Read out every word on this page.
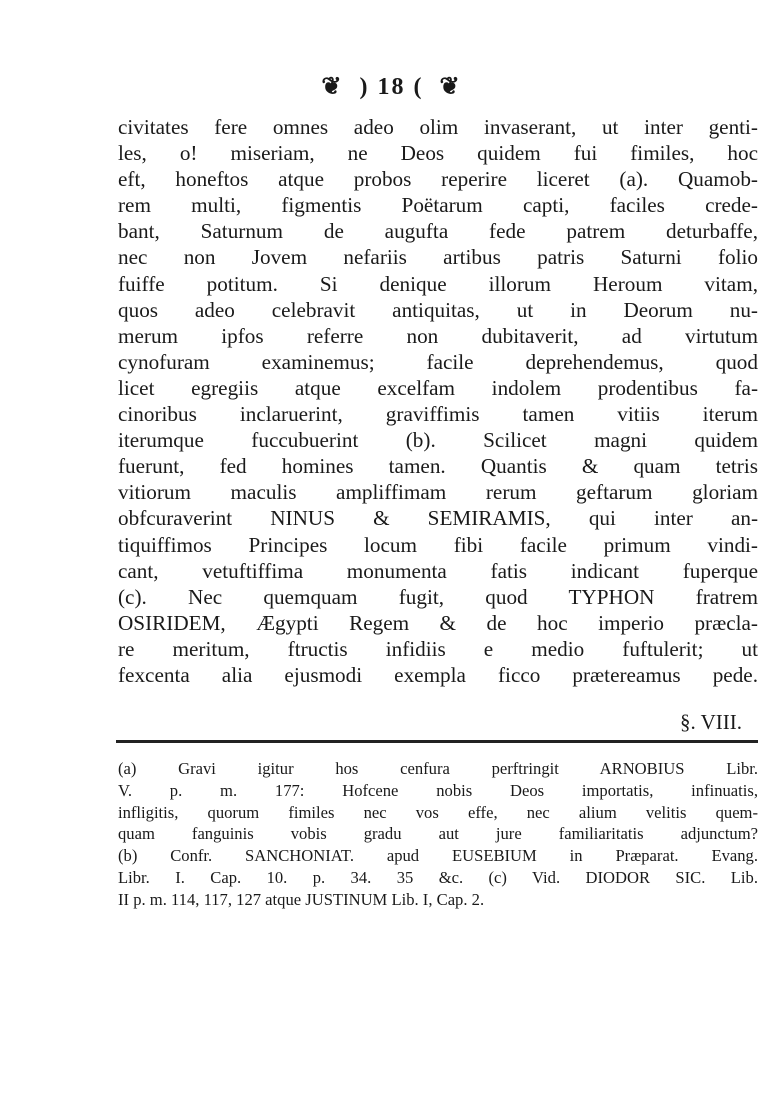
❦ ) 18 ( ❦
civitates fere omnes adeo olim invaserant, ut inter genti-
les, o! miseriam, ne Deos quidem fui fimiles, hoc
eft, honeftos atque probos reperire liceret (a). Quamob-
rem multi, figmentis Poëtarum capti, faciles crede-
bant, Saturnum de augufta fede patrem deturbaffe,
nec non Jovem nefariis artibus patris Saturni folio
fuiffe potitum. Si denique illorum Heroum vitam,
quos adeo celebravit antiquitas, ut in Deorum nu-
merum ipfos referre non dubitaverit, ad virtutum
cynofuram examinemus; facile deprehendemus, quod
licet egregiis atque excelfam indolem prodentibus fa-
cinoribus inclaruerint, graviffimis tamen vitiis iterum
iterumque fuccubuerint (b). Scilicet magni quidem
fuerunt, fed homines tamen. Quantis & quam tetris
vitiorum maculis ampliffimam rerum geftarum gloriam
obfcuraverint NINUS & SEMIRAMIS, qui inter an-
tiquiffimos Principes locum fibi facile primum vindi-
cant, vetuftiffima monumenta fatis indicant fuperque
(c). Nec quemquam fugit, quod TYPHON fratrem
OSIRIDEM, Ægypti Regem & de hoc imperio præcla-
re meritum, ftructis infidiis e medio fuftulerit; ut
fexcenta alia ejusmodi exempla ficco prætereamus pede.
§. VIII.
(a) Gravi igitur hos cenfura perftringit ARNOBIUS Libr.
V. p. m. 177: Hofcene nobis Deos importatis, infinuatis,
infligitis, quorum fimiles nec vos effe, nec alium velitis quem-
quam fanguinis vobis gradu aut jure familiaritatis adjunctum?
(b) Confr. SANCHONIAT. apud EUSEBIUM in Præparat. Evang.
Libr. I. Cap. 10. p. 34. 35 &c. (c) Vid. DIODOR SIC. Lib.
II p. m. 114, 117, 127 atque JUSTINUM Lib. I, Cap. 2.
